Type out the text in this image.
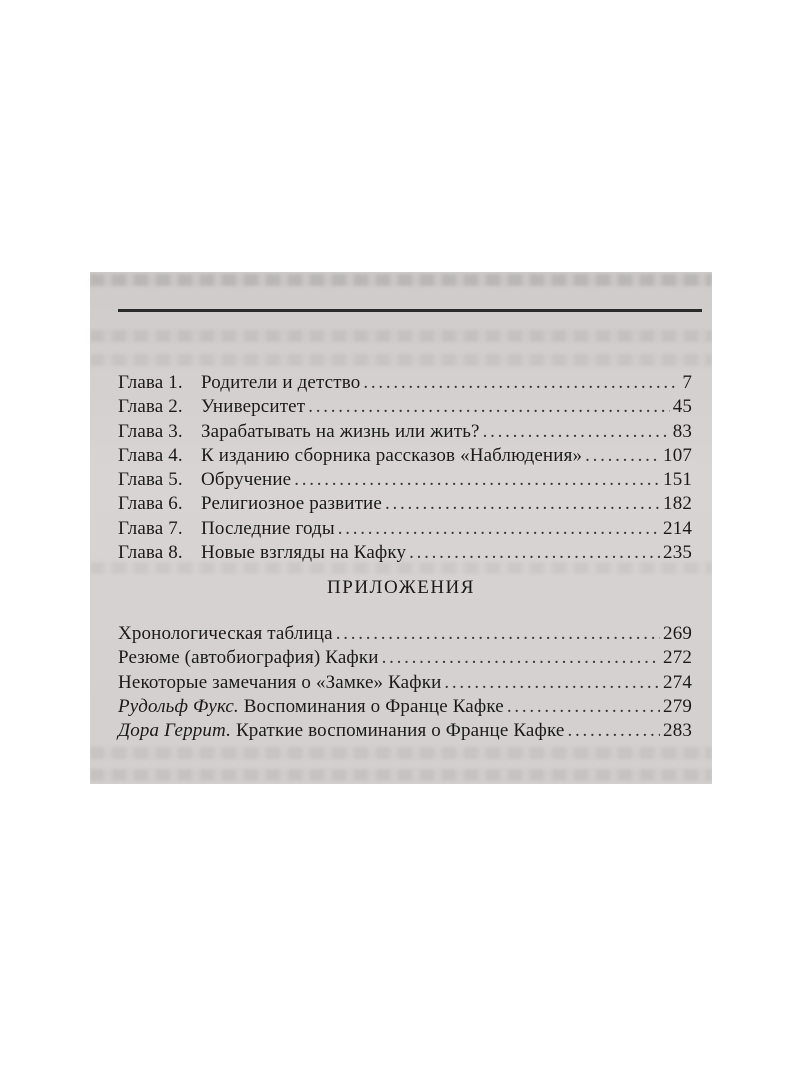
Глава 1. Родители и детство . . .	7
Глава 2. Университет . . .	45
Глава 3. Зарабатывать на жизнь или жить? . . .	83
Глава 4. К изданию сборника рассказов «Наблюдения» . . .	107
Глава 5. Обручение . . .	151
Глава 6. Религиозное развитие . . .	182
Глава 7. Последние годы . . .	214
Глава 8. Новые взгляды на Кафку . . .	235
ПРИЛОЖЕНИЯ
Хронологическая таблица . . .	269
Резюме (автобиография) Кафки . . .	272
Некоторые замечания о «Замке» Кафки . . .	274
Рудольф Фукс. Воспоминания о Франце Кафке . . .	279
Дора Геррит. Краткие воспоминания о Франце Кафке . . .	283
